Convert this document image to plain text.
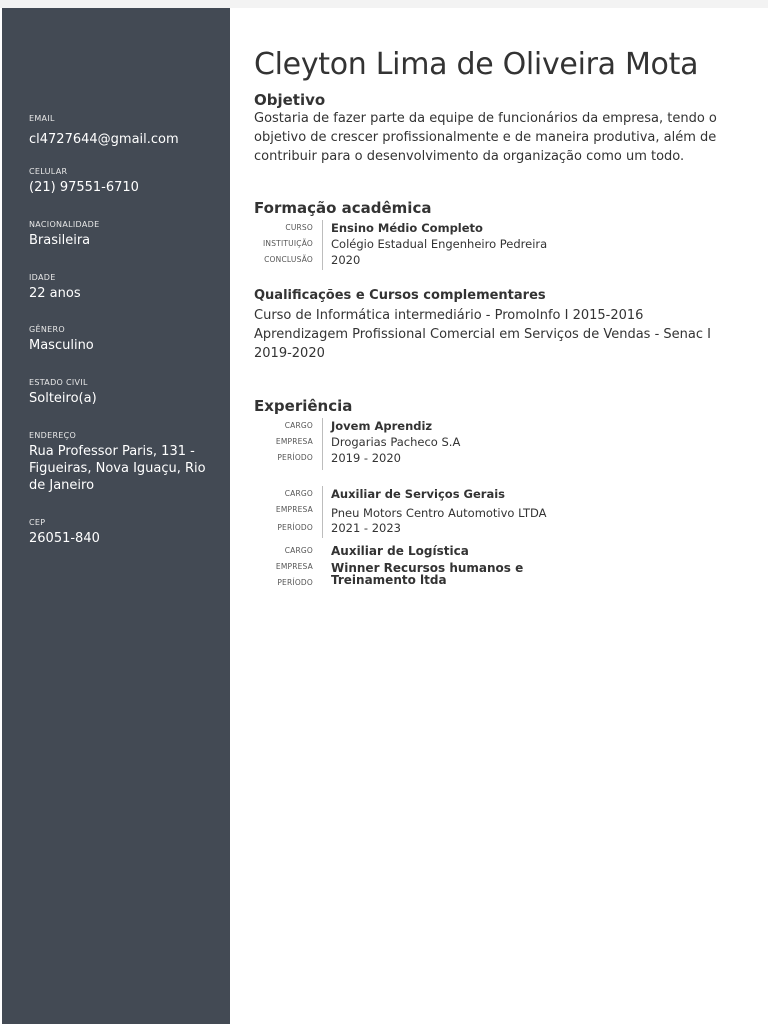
EMAIL
cl4727644@gmail.com
CELULAR
(21) 97551-6710
NACIONALIDADE
Brasileira
IDADE
22 anos
GÊNERO
Masculino
ESTADO CIVIL
Solteiro(a)
ENDEREÇO
Rua Professor Paris, 131 - Figueiras, Nova Iguaçu, Rio de Janeiro
CEP
26051-840
Cleyton Lima de Oliveira Mota
Objetivo
Gostaria de fazer parte da equipe de funcionários da empresa, tendo o objetivo de crescer profissionalmente e de maneira produtiva, além de contribuir para o desenvolvimento da organização como um todo.
Formação acadêmica
CURSO Ensino Médio Completo
INSTITUIÇÃO Colégio Estadual Engenheiro Pedreira
CONCLUSÃO 2020
Qualificações e Cursos complementares
Curso de Informática intermediário - PromoInfo I 2015-2016
Aprendizagem Profissional Comercial em Serviços de Vendas - Senac I 2019-2020
Experiência
CARGO Jovem Aprendiz
EMPRESA Drogarias Pacheco S.A
PERÍODO 2019 - 2020
CARGO Auxiliar de Serviços Gerais
EMPRESA Pneu Motors Centro Automotivo LTDA
PERÍODO 2021 - 2023
CARGO Auxiliar de Logística
EMPRESA Winner Recursos humanos e
Treinamento ltda
PERÍODO
